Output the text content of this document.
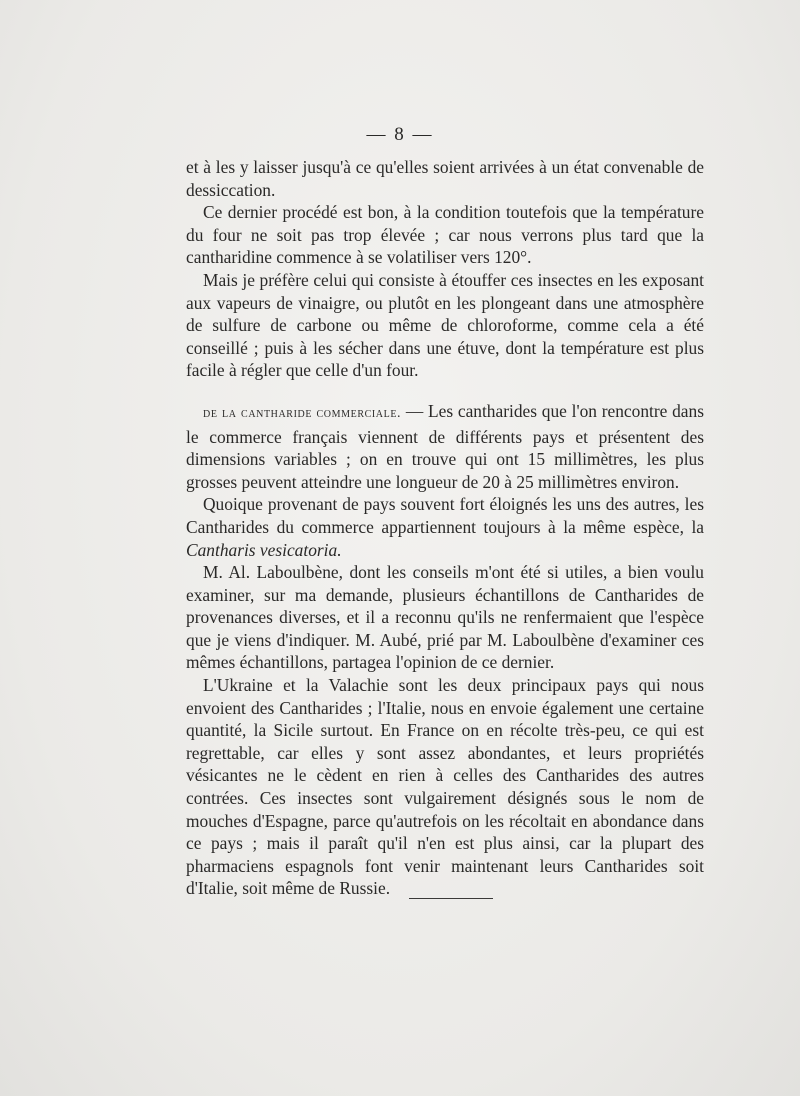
— 8 —

et à les y laisser jusqu'à ce qu'elles soient arrivées à un état convenable de dessiccation.

Ce dernier procédé est bon, à la condition toutefois que la température du four ne soit pas trop élevée ; car nous verrons plus tard que la cantharidine commence à se volatiliser vers 120°.

Mais je préfère celui qui consiste à étouffer ces insectes en les exposant aux vapeurs de vinaigre, ou plutôt en les plongeant dans une atmosphère de sulfure de carbone ou même de chloroforme, comme cela a été conseillé ; puis à les sécher dans une étuve, dont la température est plus facile à régler que celle d'un four.

de la cantharide commerciale. — Les cantharides que l'on rencontre dans le commerce français viennent de différents pays et présentent des dimensions variables ; on en trouve qui ont 15 millimètres, les plus grosses peuvent atteindre une longueur de 20 à 25 millimètres environ.

Quoique provenant de pays souvent fort éloignés les uns des autres, les Cantharides du commerce appartiennent toujours à la même espèce, la Cantharis vesicatoria.

M. Al. Laboulbène, dont les conseils m'ont été si utiles, a bien voulu examiner, sur ma demande, plusieurs échantillons de Cantharides de provenances diverses, et il a reconnu qu'ils ne renfermaient que l'espèce que je viens d'indiquer. M. Aubé, prié par M. Laboulbène d'examiner ces mêmes échantillons, partagea l'opinion de ce dernier.

L'Ukraine et la Valachie sont les deux principaux pays qui nous envoient des Cantharides ; l'Italie, nous en envoie également une certaine quantité, la Sicile surtout. En France on en récolte très-peu, ce qui est regrettable, car elles y sont assez abondantes, et leurs propriétés vésicantes ne le cèdent en rien à celles des Cantharides des autres contrées. Ces insectes sont vulgairement désignés sous le nom de mouches d'Espagne, parce qu'autrefois on les récoltait en abondance dans ce pays ; mais il paraît qu'il n'en est plus ainsi, car la plupart des pharmaciens espagnols font venir maintenant leurs Cantharides soit d'Italie, soit même de Russie.
